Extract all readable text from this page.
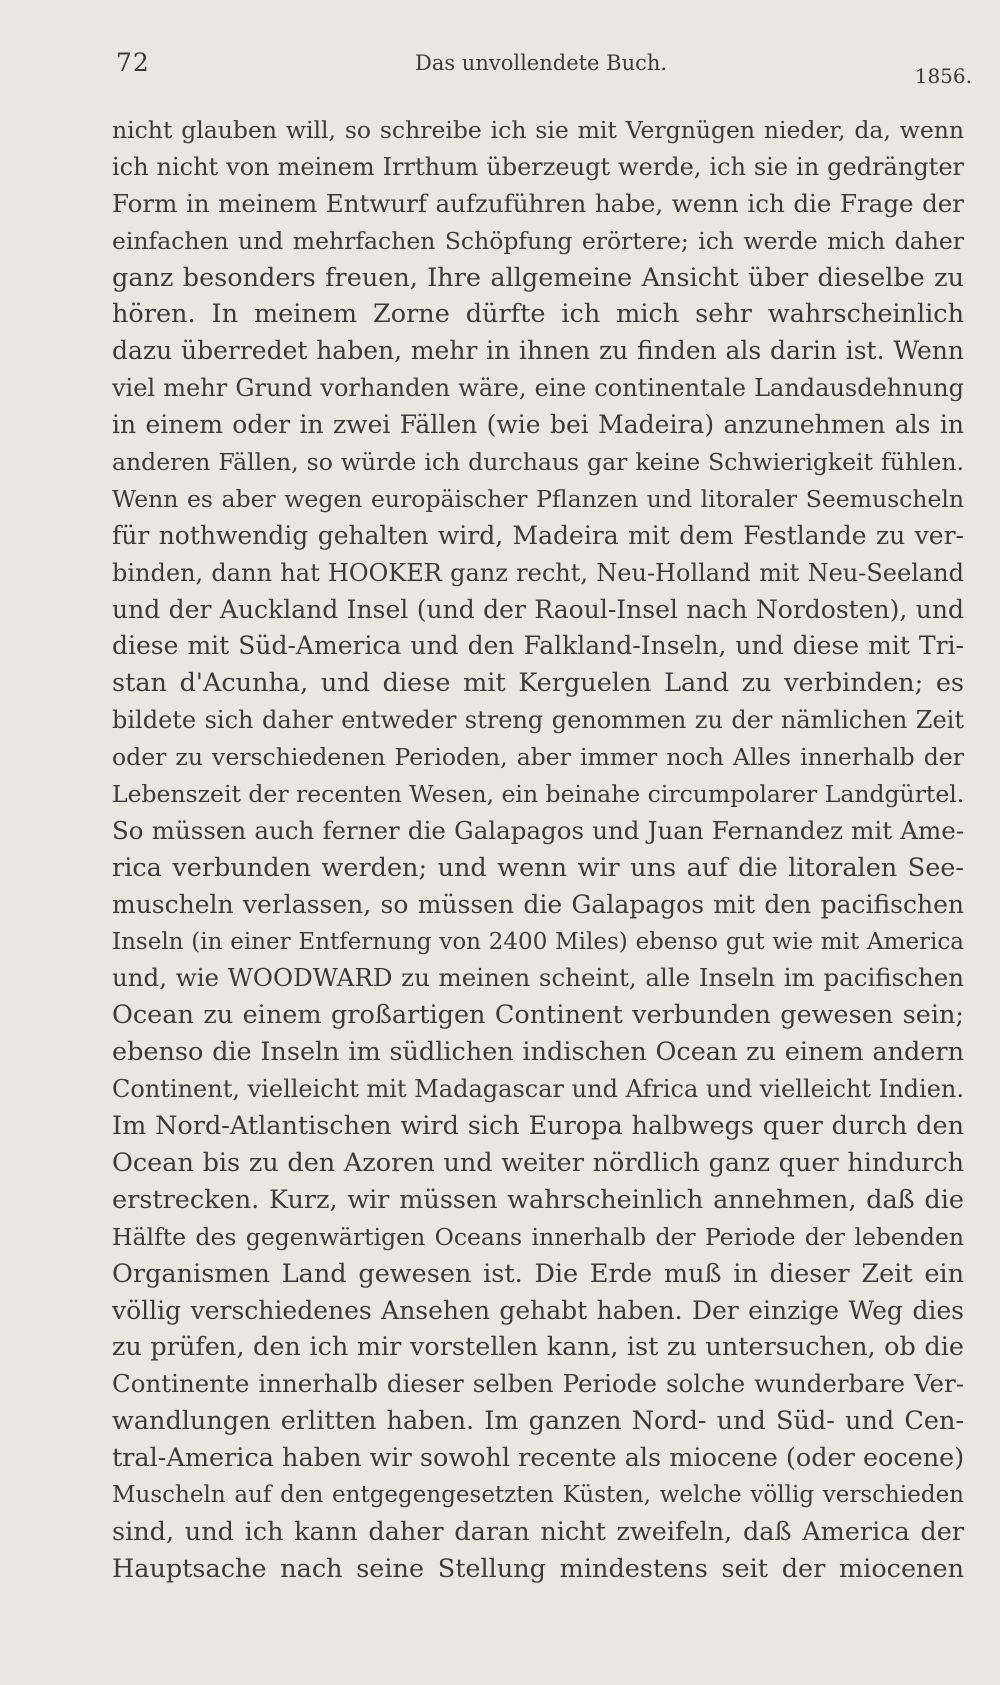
72	Das unvollendete Buch.
1856.
nicht glauben will, so schreibe ich sie mit Vergnügen nieder, da, wenn
ich nicht von meinem Irrthum überzeugt werde, ich sie in gedrängter
Form in meinem Entwurf aufzuführen habe, wenn ich die Frage der
einfachen und mehrfachen Schöpfung erörtere; ich werde mich daher
ganz besonders freuen, Ihre allgemeine Ansicht über dieselbe zu
hören. In meinem Zorne dürfte ich mich sehr wahrscheinlich
dazu überredet haben, mehr in ihnen zu finden als darin ist. Wenn
viel mehr Grund vorhanden wäre, eine continentale Landausdehnung
in einem oder in zwei Fällen (wie bei Madeira) anzunehmen als in
anderen Fällen, so würde ich durchaus gar keine Schwierigkeit fühlen.
Wenn es aber wegen europäischer Pflanzen und litoraler Seemuscheln
für nothwendig gehalten wird, Madeira mit dem Festlande zu ver-
binden, dann hat HOOKER ganz recht, Neu-Holland mit Neu-Seeland
und der Auckland Insel (und der Raoul-Insel nach Nordosten), und
diese mit Süd-America und den Falkland-Inseln, und diese mit Tri-
stan d'Acunha, und diese mit Kerguelen Land zu verbinden; es
bildete sich daher entweder streng genommen zu der nämlichen Zeit
oder zu verschiedenen Perioden, aber immer noch Alles innerhalb der
Lebenszeit der recenten Wesen, ein beinahe circumpolarer Landgürtel.
So müssen auch ferner die Galapagos und Juan Fernandez mit Ame-
rica verbunden werden; und wenn wir uns auf die litoralen See-
muscheln verlassen, so müssen die Galapagos mit den pacifischen
Inseln (in einer Entfernung von 2400 Miles) ebenso gut wie mit America
und, wie WOODWARD zu meinen scheint, alle Inseln im pacifischen
Ocean zu einem großartigen Continent verbunden gewesen sein;
ebenso die Inseln im südlichen indischen Ocean zu einem andern
Continent, vielleicht mit Madagascar und Africa und vielleicht Indien.
Im Nord-Atlantischen wird sich Europa halbwegs quer durch den
Ocean bis zu den Azoren und weiter nördlich ganz quer hindurch
erstrecken. Kurz, wir müssen wahrscheinlich annehmen, daß die
Hälfte des gegenwärtigen Oceans innerhalb der Periode der lebenden
Organismen Land gewesen ist. Die Erde muß in dieser Zeit ein
völlig verschiedenes Ansehen gehabt haben. Der einzige Weg dies
zu prüfen, den ich mir vorstellen kann, ist zu untersuchen, ob die
Continente innerhalb dieser selben Periode solche wunderbare Ver-
wandlungen erlitten haben. Im ganzen Nord- und Süd- und Cen-
tral-America haben wir sowohl recente als miocene (oder eocene)
Muscheln auf den entgegengesetzten Küsten, welche völlig verschieden
sind, und ich kann daher daran nicht zweifeln, daß America der
Hauptsache nach seine Stellung mindestens seit der miocenen
